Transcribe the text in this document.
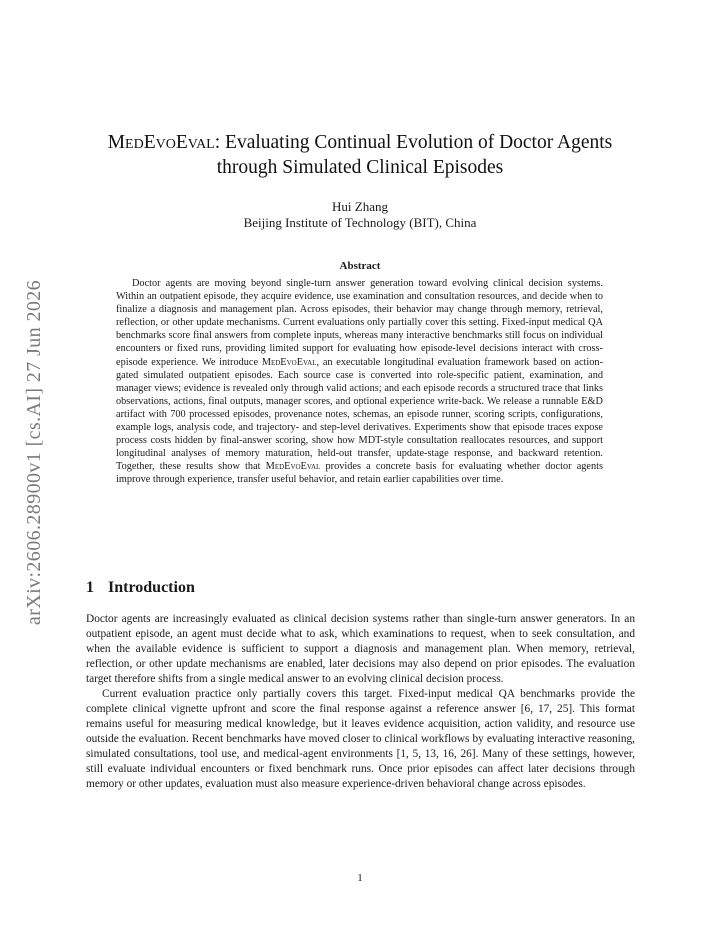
arXiv:2606.28900v1 [cs.AI] 27 Jun 2026
MedEvoEval: Evaluating Continual Evolution of Doctor Agents
through Simulated Clinical Episodes
Hui Zhang
Beijing Institute of Technology (BIT), China
Abstract

Doctor agents are moving beyond single-turn answer generation toward evolving clinical decision systems. Within an outpatient episode, they acquire evidence, use examination and consultation resources, and decide when to finalize a diagnosis and management plan. Across episodes, their behavior may change through memory, retrieval, reflection, or other update mechanisms. Current evaluations only partially cover this setting. Fixed-input medical QA benchmarks score final answers from complete inputs, whereas many interactive benchmarks still focus on individual encounters or fixed runs, providing limited support for evaluating how episode-level decisions interact with cross-episode experience. We introduce MedEvoEval, an executable longitudinal evaluation framework based on action-gated simulated outpatient episodes. Each source case is converted into role-specific patient, examination, and manager views; evidence is revealed only through valid actions; and each episode records a structured trace that links observations, actions, final outputs, manager scores, and optional experience write-back. We release a runnable E&D artifact with 700 processed episodes, provenance notes, schemas, an episode runner, scoring scripts, configurations, example logs, analysis code, and trajectory- and step-level derivatives. Experiments show that episode traces expose process costs hidden by final-answer scoring, show how MDT-style consultation reallocates resources, and support longitudinal analyses of memory maturation, held-out transfer, update-stage response, and backward retention. Together, these results show that MedEvoEval provides a concrete basis for evaluating whether doctor agents improve through experience, transfer useful behavior, and retain earlier capabilities over time.

1 Introduction

Doctor agents are increasingly evaluated as clinical decision systems rather than single-turn answer generators. In an outpatient episode, an agent must decide what to ask, which examinations to request, when to seek consultation, and when the available evidence is sufficient to support a diagnosis and management plan. When memory, retrieval, reflection, or other update mechanisms are enabled, later decisions may also depend on prior episodes. The evaluation target therefore shifts from a single medical answer to an evolving clinical decision process.

Current evaluation practice only partially covers this target. Fixed-input medical QA benchmarks provide the complete clinical vignette upfront and score the final response against a reference answer [6, 17, 25]. This format remains useful for measuring medical knowledge, but it leaves evidence acquisition, action validity, and resource use outside the evaluation. Recent benchmarks have moved closer to clinical workflows by evaluating interactive reasoning, simulated consultations, tool use, and medical-agent environments [1, 5, 13, 16, 26]. Many of these settings, however, still evaluate individual encounters or fixed benchmark runs. Once prior episodes can affect later decisions through memory or other updates, evaluation must also measure experience-driven behavioral change across episodes.

1
